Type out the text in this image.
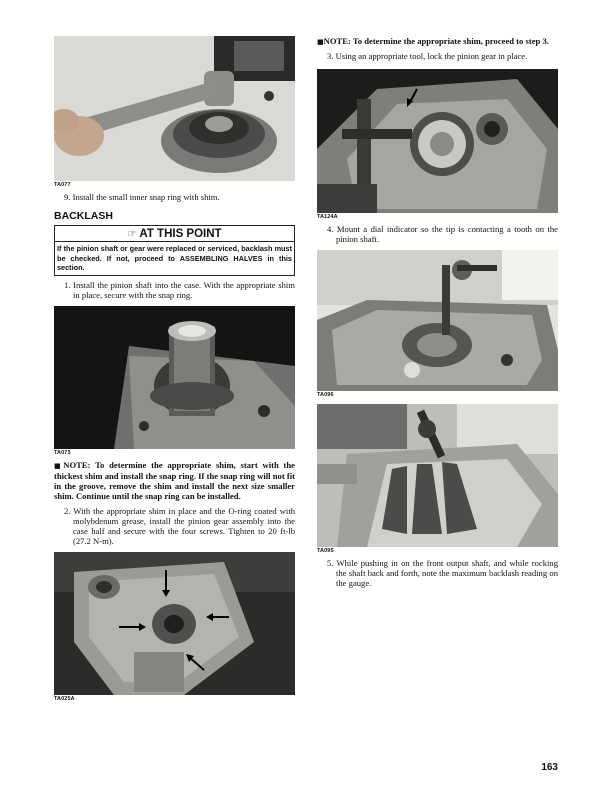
TA077
9. Install the small inner snap ring with shim.
BACKLASH
☞ AT THIS POINT
If the pinion shaft or gear were replaced or serviced, backlash must be checked. If not, proceed to ASSEMBLING HALVES in this section.
1. Install the pinion shaft into the case. With the appropriate shim in place, secure with the snap ring.
TA073
■NOTE: To determine the appropriate shim, start with the thickest shim and install the snap ring. If the snap ring will not fit in the groove, remove the shim and install the next size smaller shim. Continue until the snap ring can be installed.
2. With the appropriate shim in place and the O-ring coated with molybdenum grease, install the pinion gear assembly into the case half and secure with the four screws. Tighten to 20 ft-lb (27.2 N-m).
TA025A
■NOTE: To determine the appropriate shim, proceed to step 3.
3. Using an appropriate tool, lock the pinion gear in place.
TA124A
4. Mount a dial indicator so the tip is contacting a tooth on the pinion shaft.
TA096
TA095
5. While pushing in on the front output shaft, and while rocking the shaft back and forth, note the maximum backlash reading on the gauge.
163
